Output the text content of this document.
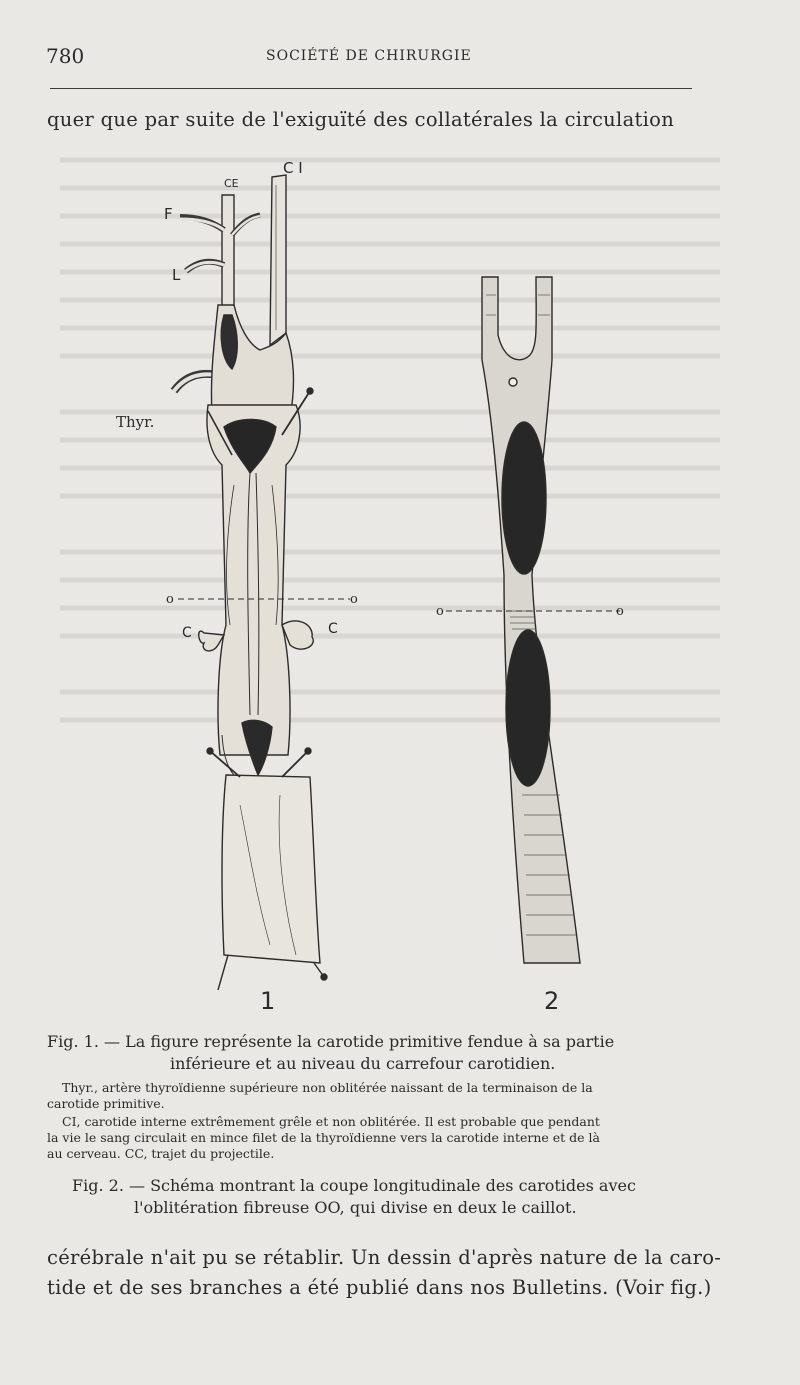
780	SOCIÉTÉ DE CHIRURGIE
quer que par suite de l'exiguïté des collatérales la circulation
C I
CE
F
L
Thyr.
o	o
C	C
o	o
1	2
Fig. 1. — La figure représente la carotide primitive fendue à sa partie
inférieure et au niveau du carrefour carotidien.
Thyr., artère thyroïdienne supérieure non oblitérée naissant de la terminaison de la
carotide primitive.
CI, carotide interne extrêmement grêle et non oblitérée. Il est probable que pendant
la vie le sang circulait en mince filet de la thyroïdienne vers la carotide interne et de là
au cerveau. CC, trajet du projectile.
Fig. 2. — Schéma montrant la coupe longitudinale des carotides avec
l'oblitération fibreuse OO, qui divise en deux le caillot.
cérébrale n'ait pu se rétablir. Un dessin d'après nature de la caro-
tide et de ses branches a été publié dans nos Bulletins. (Voir fig.)
